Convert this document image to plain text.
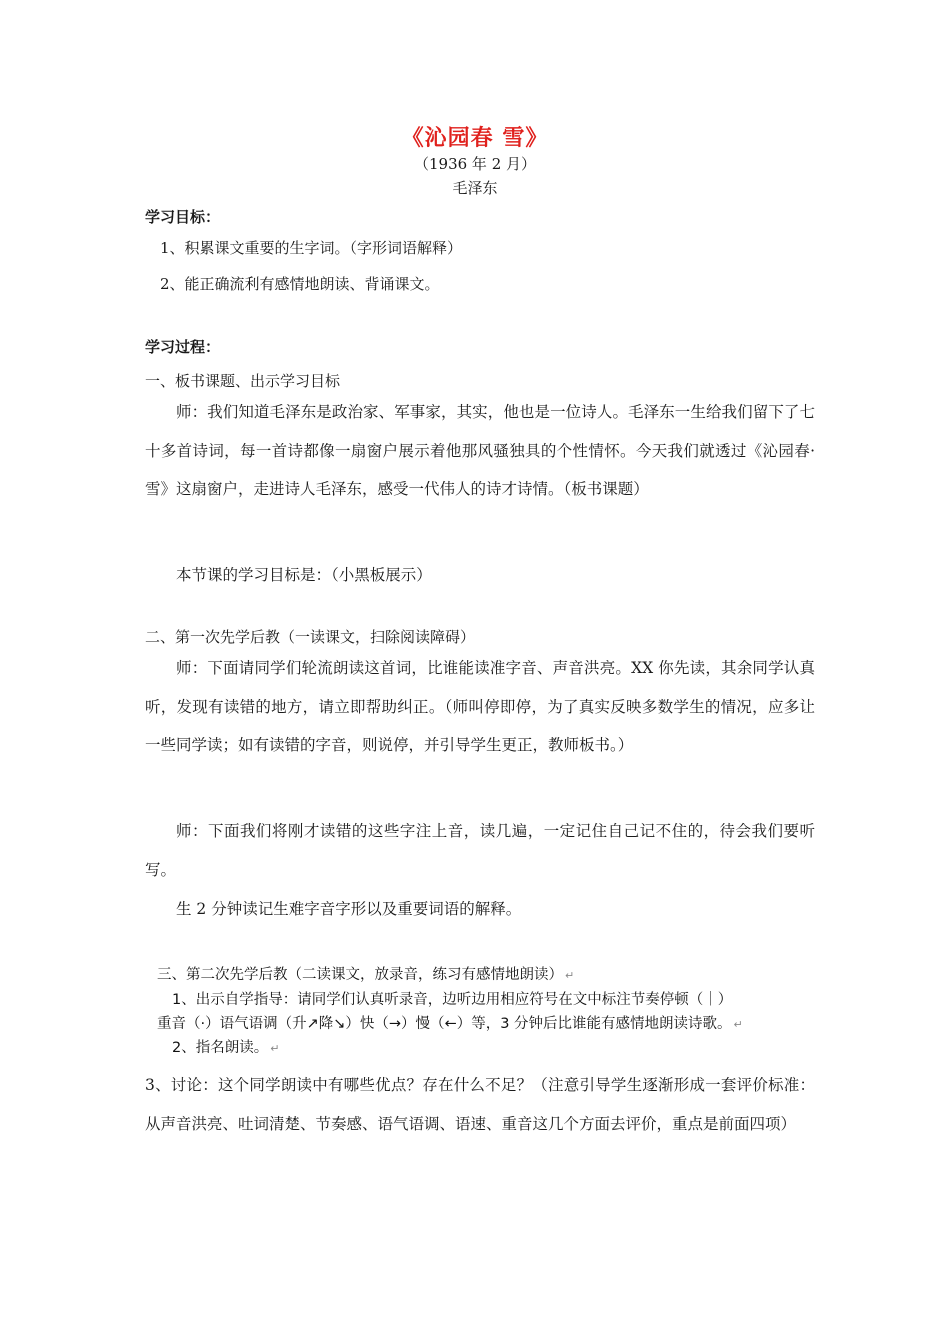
《沁园春 雪》
（1936 年 2 月）
毛泽东
学习目标：
1、积累课文重要的生字词。（字形词语解释）
2、能正确流利有感情地朗读、背诵课文。
学习过程：
一、板书课题、出示学习目标
师：我们知道毛泽东是政治家、军事家，其实，他也是一位诗人。毛泽东一生给我们留下了七十多首诗词，每一首诗都像一扇窗户展示着他那风骚独具的个性情怀。今天我们就透过《沁园春·雪》这扇窗户，走进诗人毛泽东，感受一代伟人的诗才诗情。（板书课题）
本节课的学习目标是：（小黑板展示）
二、第一次先学后教（一读课文，扫除阅读障碍）
师：下面请同学们轮流朗读这首词，比谁能读准字音、声音洪亮。XX 你先读，其余同学认真听，发现有读错的地方，请立即帮助纠正。（师叫停即停，为了真实反映多数学生的情况，应多让一些同学读；如有读错的字音，则说停，并引导学生更正，教师板书。）
师：下面我们将刚才读错的这些字注上音，读几遍，一定记住自己记不住的，待会我们要听写。
生 2 分钟读记生难字音字形以及重要词语的解释。
三、第二次先学后教（二读课文，放录音，练习有感情地朗读） ↵
1、出示自学指导：请同学们认真听录音，边听边用相应符号在文中标注节奏停顿（｜）
重音（·）语气语调（升↗降↘）快（→）慢（←）等，3 分钟后比谁能有感情地朗读诗歌。 ↵
2、指名朗读。 ↵
3、讨论：这个同学朗读中有哪些优点？存在什么不足？（注意引导学生逐渐形成一套评价标准：从声音洪亮、吐词清楚、节奏感、语气语调、语速、重音这几个方面去评价，重点是前面四项）
